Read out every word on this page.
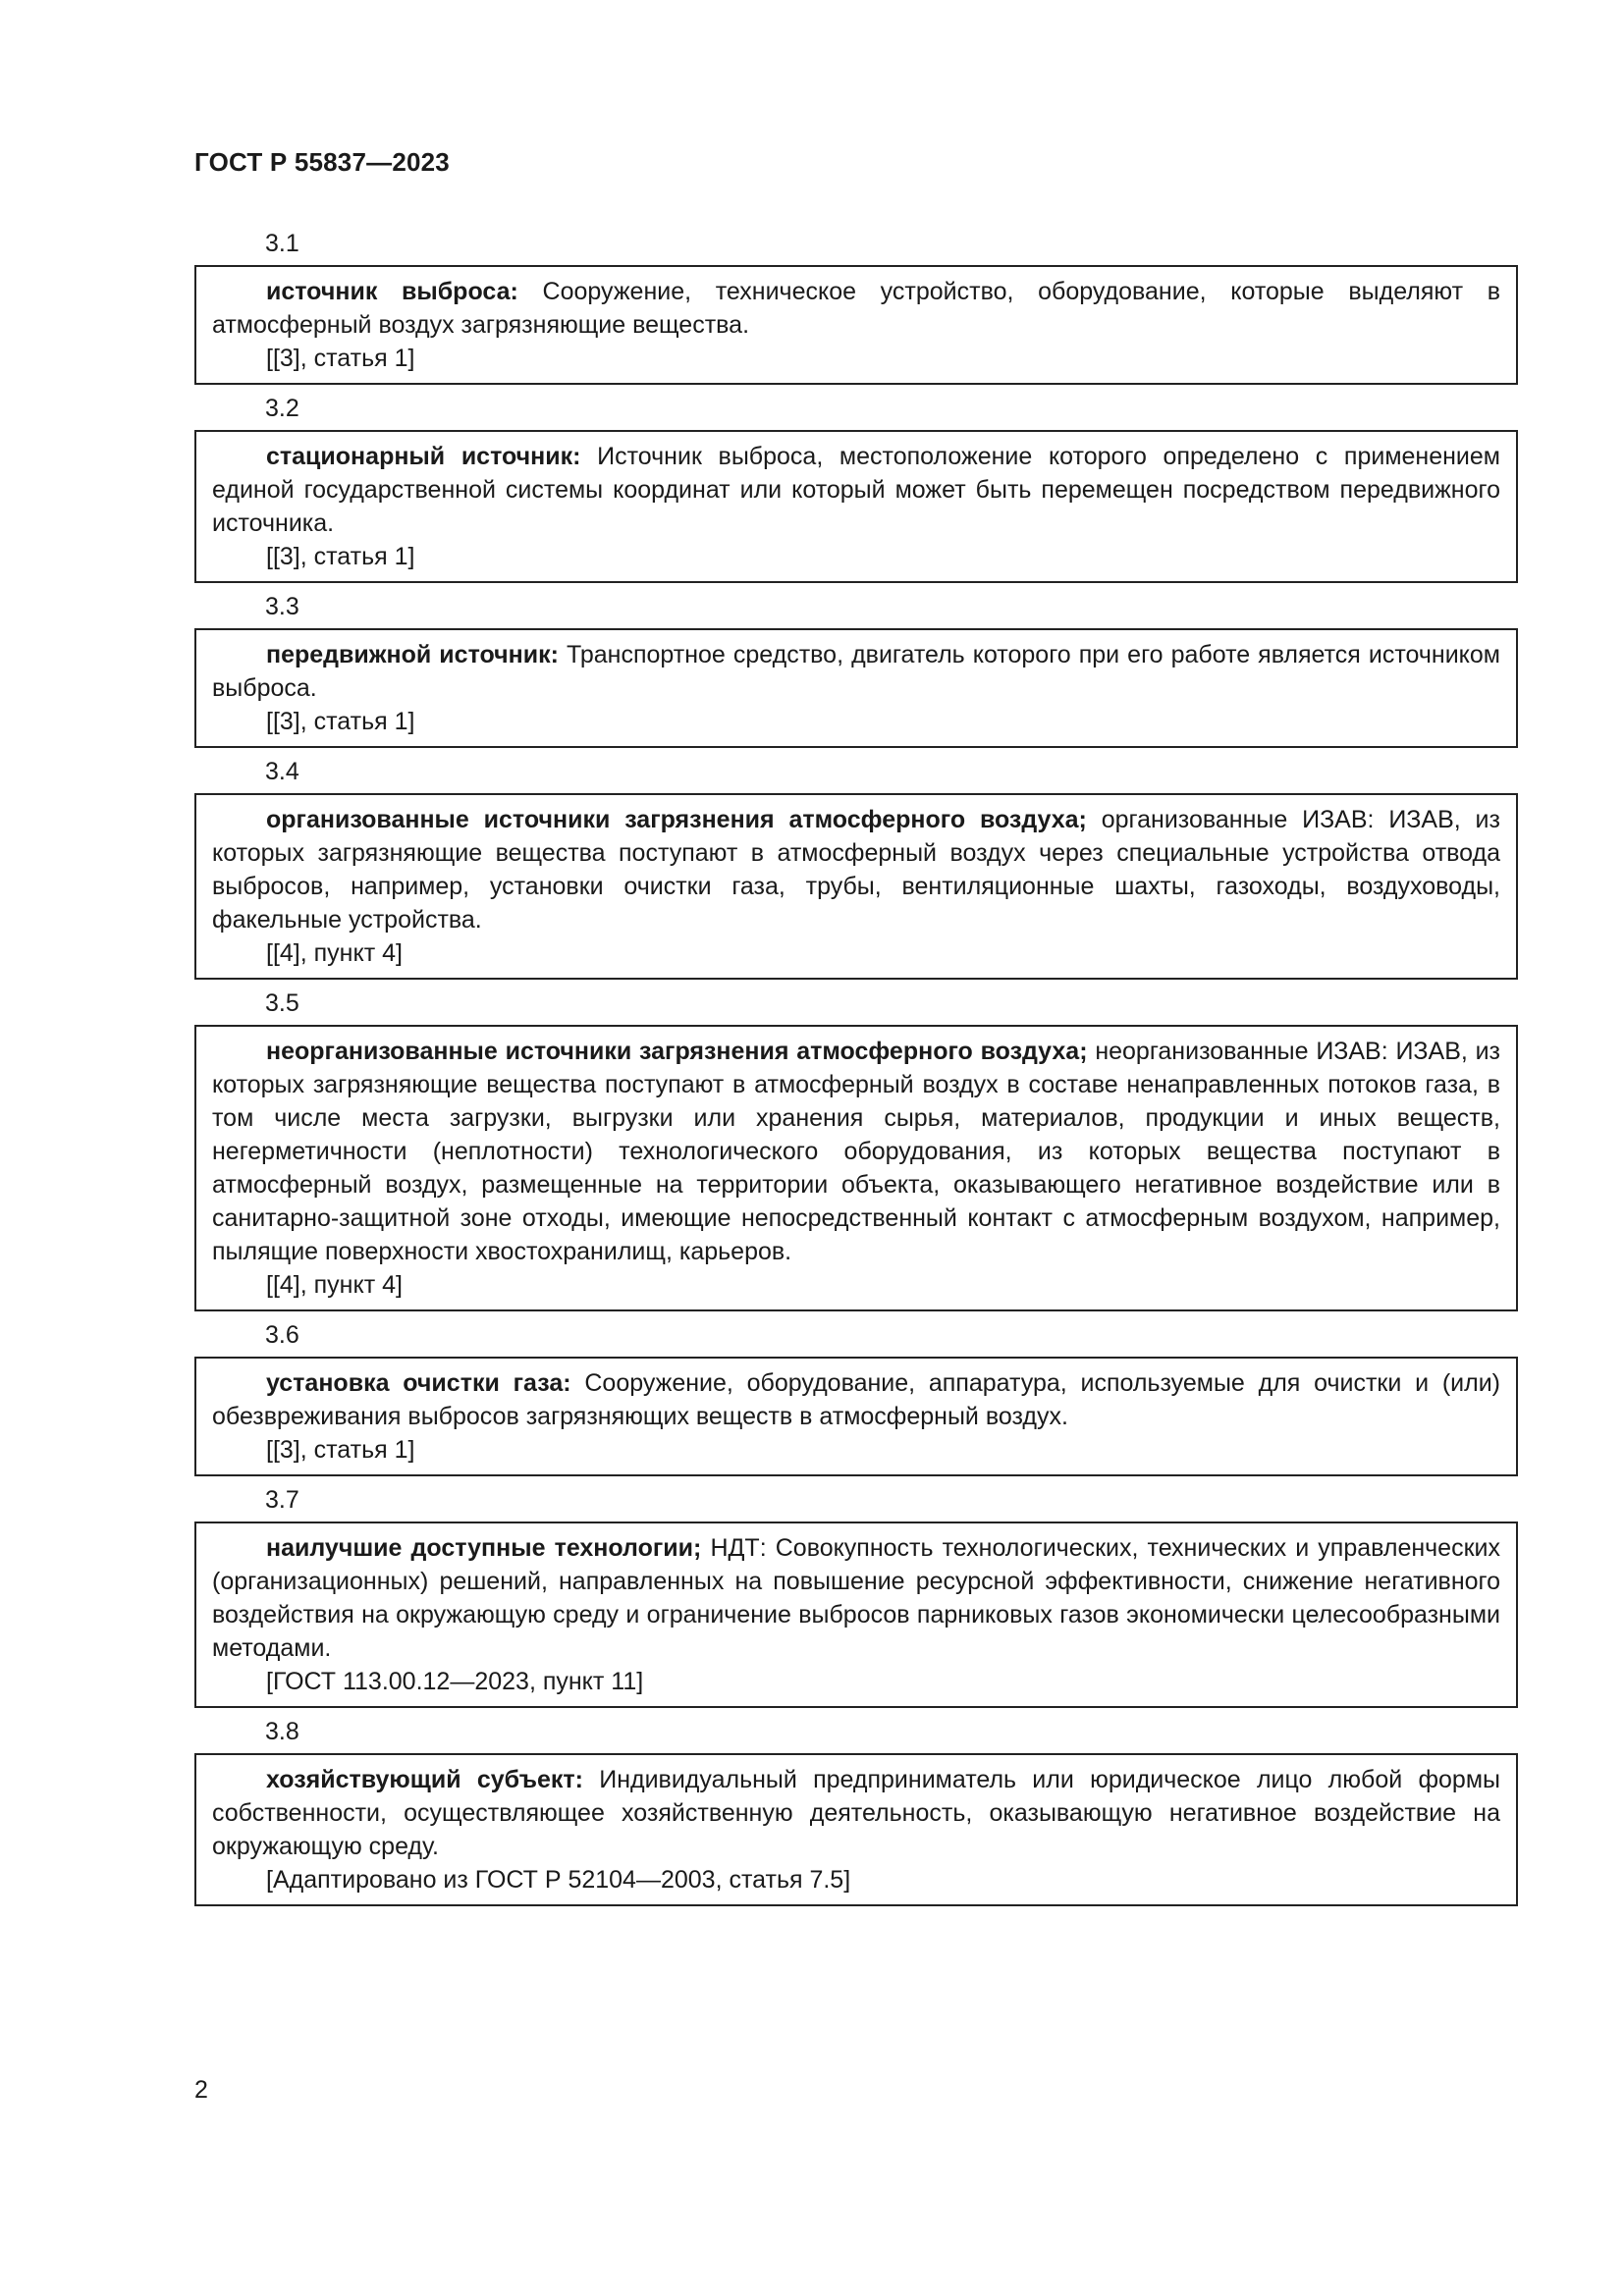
ГОСТ Р 55837—2023
3.1

источник выброса: Сооружение, техническое устройство, оборудование, которые выделяют в атмосферный воздух загрязняющие вещества.

[[3], статья 1]

3.2

стационарный источник: Источник выброса, местоположение которого определено с применением единой государственной системы координат или который может быть перемещен посредством передвижного источника.

[[3], статья 1]

3.3

передвижной источник: Транспортное средство, двигатель которого при его работе является источником выброса.

[[3], статья 1]

3.4

организованные источники загрязнения атмосферного воздуха; организованные ИЗАВ: ИЗАВ, из которых загрязняющие вещества поступают в атмосферный воздух через специальные устройства отвода выбросов, например, установки очистки газа, трубы, вентиляционные шахты, газоходы, воздуховоды, факельные устройства.

[[4], пункт 4]

3.5

неорганизованные источники загрязнения атмосферного воздуха; неорганизованные ИЗАВ: ИЗАВ, из которых загрязняющие вещества поступают в атмосферный воздух в составе ненаправленных потоков газа, в том числе места загрузки, выгрузки или хранения сырья, материалов, продукции и иных веществ, негерметичности (неплотности) технологического оборудования, из которых вещества поступают в атмосферный воздух, размещенные на территории объекта, оказывающего негативное воздействие или в санитарно-защитной зоне отходы, имеющие непосредственный контакт с атмосферным воздухом, например, пылящие поверхности хвостохранилищ, карьеров.

[[4], пункт 4]

3.6

установка очистки газа: Сооружение, оборудование, аппаратура, используемые для очистки и (или) обезвреживания выбросов загрязняющих веществ в атмосферный воздух.

[[3], статья 1]

3.7

наилучшие доступные технологии; НДТ: Совокупность технологических, технических и управленческих (организационных) решений, направленных на повышение ресурсной эффективности, снижение негативного воздействия на окружающую среду и ограничение выбросов парниковых газов экономически целесообразными методами.

[ГОСТ 113.00.12—2023, пункт 11]

3.8

хозяйствующий субъект: Индивидуальный предприниматель или юридическое лицо любой формы собственности, осуществляющее хозяйственную деятельность, оказывающую негативное воздействие на окружающую среду.

[Адаптировано из ГОСТ Р 52104—2003, статья 7.5]

2
